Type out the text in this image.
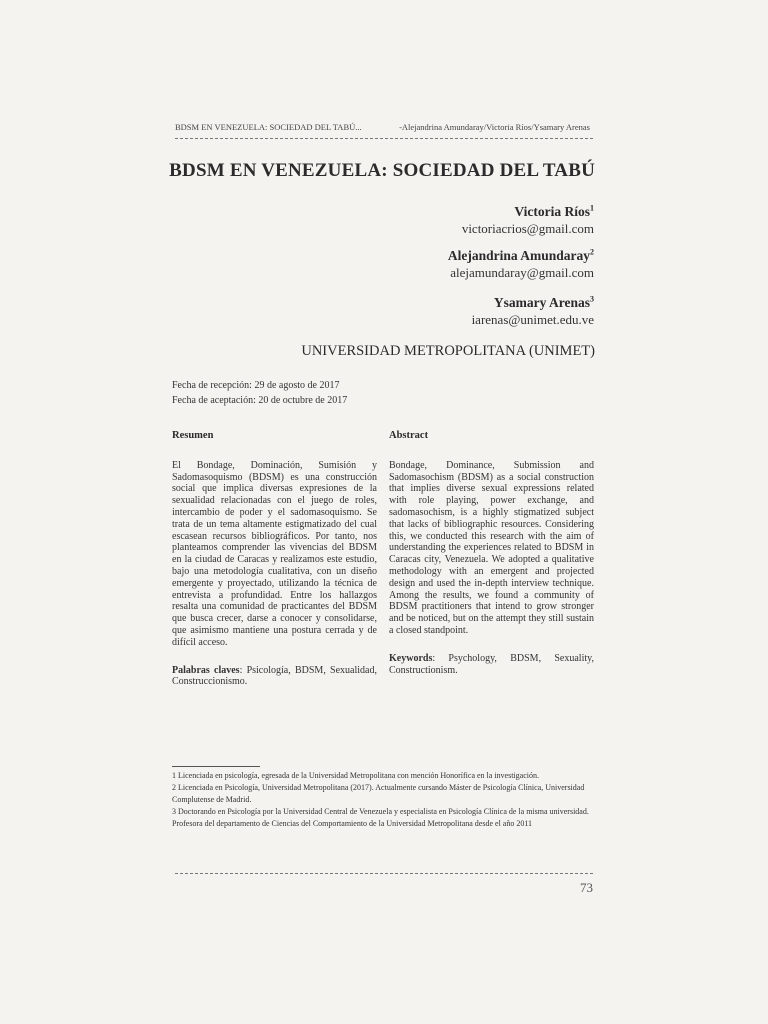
BDSM EN VENEZUELA: SOCIEDAD DEL TABÚ...	-Alejandrina Amundaray/Victoria Ríos/Ysamary Arenas
BDSM EN VENEZUELA: SOCIEDAD DEL TABÚ
Victoria Ríos$^1$
victoriacrios@gmail.com
Alejandrina Amundaray$^2$
alejamundaray@gmail.com
Ysamary Arenas$^3$
iarenas@unimet.edu.ve
UNIVERSIDAD METROPOLITANA (UNIMET)
Fecha de recepción: 29 de agosto de 2017
Fecha de aceptación: 20 de octubre de 2017
Resumen

El Bondage, Dominación, Sumisión y Sadomasoquismo (BDSM) es una construcción social que implica diversas expresiones de la sexualidad relacionadas con el juego de roles, intercambio de poder y el sadomasoquismo. Se trata de un tema altamente estigmatizado del cual escasean recursos bibliográficos. Por tanto, nos planteamos comprender las vivencias del BDSM en la ciudad de Caracas y realizamos este estudio, bajo una metodología cualitativa, con un diseño emergente y proyectado, utilizando la técnica de entrevista a profundidad. Entre los hallazgos resalta una comunidad de practicantes del BDSM que busca crecer, darse a conocer y consolidarse, que asimismo mantiene una postura cerrada y de difícil acceso.

Palabras claves: Psicología, BDSM, Sexualidad, Construccionismo.
Abstract

Bondage, Dominance, Submission and Sadomasochism (BDSM) as a social construction that implies diverse sexual expressions related with role playing, power exchange, and sadomasochism, is a highly stigmatized subject that lacks of bibliographic resources. Considering this, we conducted this research with the aim of understanding the experiences related to BDSM in Caracas city, Venezuela. We adopted a qualitative methodology with an emergent and projected design and used the in-depth interview technique. Among the results, we found a community of BDSM practitioners that intend to grow stronger and be noticed, but on the attempt they still sustain a closed standpoint.

Keywords: Psychology, BDSM, Sexuality, Constructionism.
1 Licenciada en psicología, egresada de la Universidad Metropolitana con mención Honorífica en la investigación.
2 Licenciada en Psicología, Universidad Metropolitana (2017). Actualmente cursando Máster de Psicología Clínica, Universidad Complutense de Madrid.
3 Doctorando en Psicología por la Universidad Central de Venezuela y especialista en Psicología Clínica de la misma universidad. Profesora del departamento de Ciencias del Comportamiento de la Universidad Metropolitana desde el año 2011
73
